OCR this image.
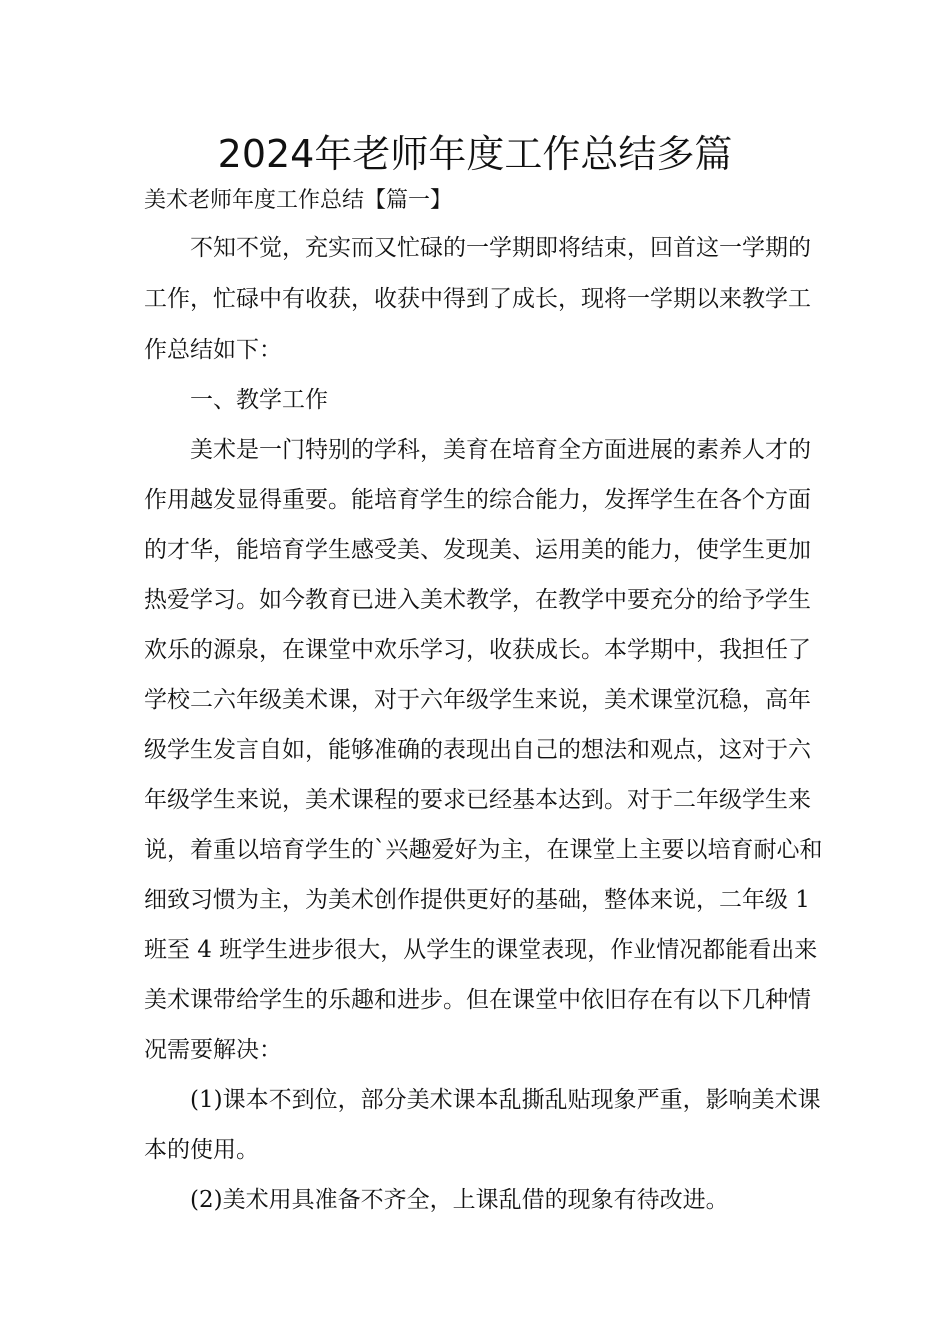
2024年老师年度工作总结多篇
美术老师年度工作总结【篇一】
不知不觉，充实而又忙碌的一学期即将结束，回首这一学期的
工作，忙碌中有收获，收获中得到了成长，现将一学期以来教学工
作总结如下：
一、教学工作
美术是一门特别的学科，美育在培育全方面进展的素养人才的
作用越发显得重要。能培育学生的综合能力，发挥学生在各个方面
的才华，能培育学生感受美、发现美、运用美的能力，使学生更加
热爱学习。如今教育已进入美术教学，在教学中要充分的给予学生
欢乐的源泉，在课堂中欢乐学习，收获成长。本学期中，我担任了
学校二六年级美术课，对于六年级学生来说，美术课堂沉稳，高年
级学生发言自如，能够准确的表现出自己的想法和观点，这对于六
年级学生来说，美术课程的要求已经基本达到。对于二年级学生来
说，着重以培育学生的`兴趣爱好为主，在课堂上主要以培育耐心和
细致习惯为主，为美术创作提供更好的基础，整体来说，二年级 1
班至 4 班学生进步很大，从学生的课堂表现，作业情况都能看出来
美术课带给学生的乐趣和进步。但在课堂中依旧存在有以下几种情
况需要解决：
(1)课本不到位，部分美术课本乱撕乱贴现象严重，影响美术课
本的使用。
(2)美术用具准备不齐全，上课乱借的现象有待改进。
